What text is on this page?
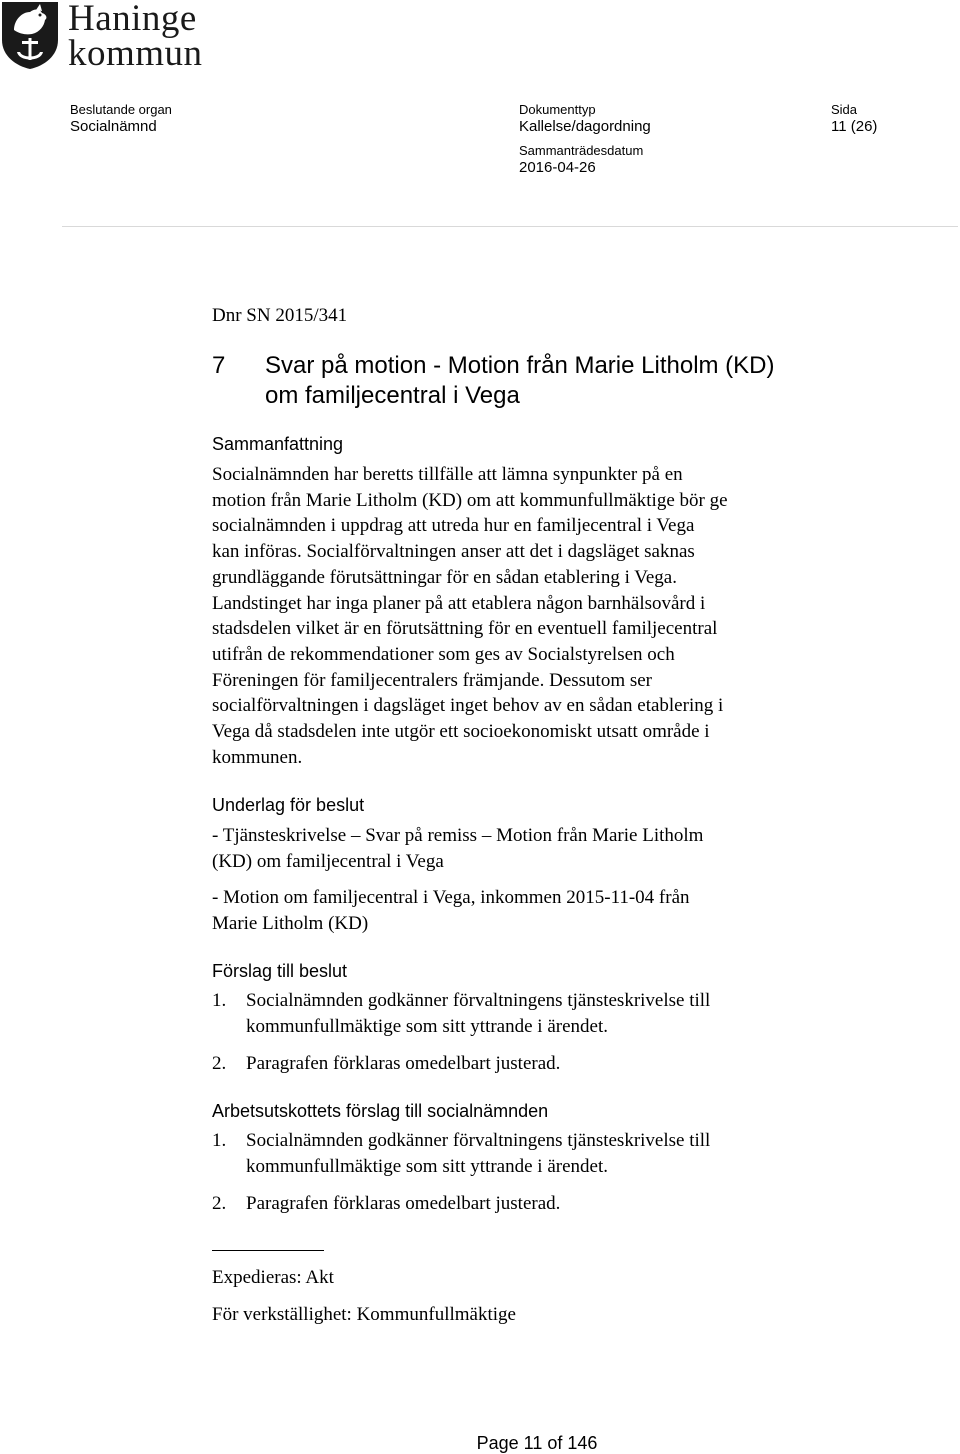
Haninge
kommun
Beslutande organ
Socialnämnd
Dokumenttyp
Kallelse/dagordning
Sammanträdesdatum
2016-04-26
Sida
11 (26)
Dnr SN 2015/341
7 Svar på motion - Motion från Marie Litholm (KD)
om familjecentral i Vega
Sammanfattning
Socialnämnden har beretts tillfälle att lämna synpunkter på en
motion från Marie Litholm (KD) om att kommunfullmäktige bör ge
socialnämnden i uppdrag att utreda hur en familjecentral i Vega
kan införas. Socialförvaltningen anser att det i dagsläget saknas
grundläggande förutsättningar för en sådan etablering i Vega.
Landstinget har inga planer på att etablera någon barnhälsovård i
stadsdelen vilket är en förutsättning för en eventuell familjecentral
utifrån de rekommendationer som ges av Socialstyrelsen och
Föreningen för familjecentralers främjande. Dessutom ser
socialförvaltningen i dagsläget inget behov av en sådan etablering i
Vega då stadsdelen inte utgör ett socioekonomiskt utsatt område i
kommunen.
Underlag för beslut
- Tjänsteskrivelse – Svar på remiss – Motion från Marie Litholm
(KD) om familjecentral i Vega
- Motion om familjecentral i Vega, inkommen 2015-11-04 från
Marie Litholm (KD)
Förslag till beslut
1. Socialnämnden godkänner förvaltningens tjänsteskrivelse till
kommunfullmäktige som sitt yttrande i ärendet.
2. Paragrafen förklaras omedelbart justerad.
Arbetsutskottets förslag till socialnämnden
1. Socialnämnden godkänner förvaltningens tjänsteskrivelse till
kommunfullmäktige som sitt yttrande i ärendet.
2. Paragrafen förklaras omedelbart justerad.
Expedieras: Akt
För verkställighet: Kommunfullmäktige
Page 11 of 146
